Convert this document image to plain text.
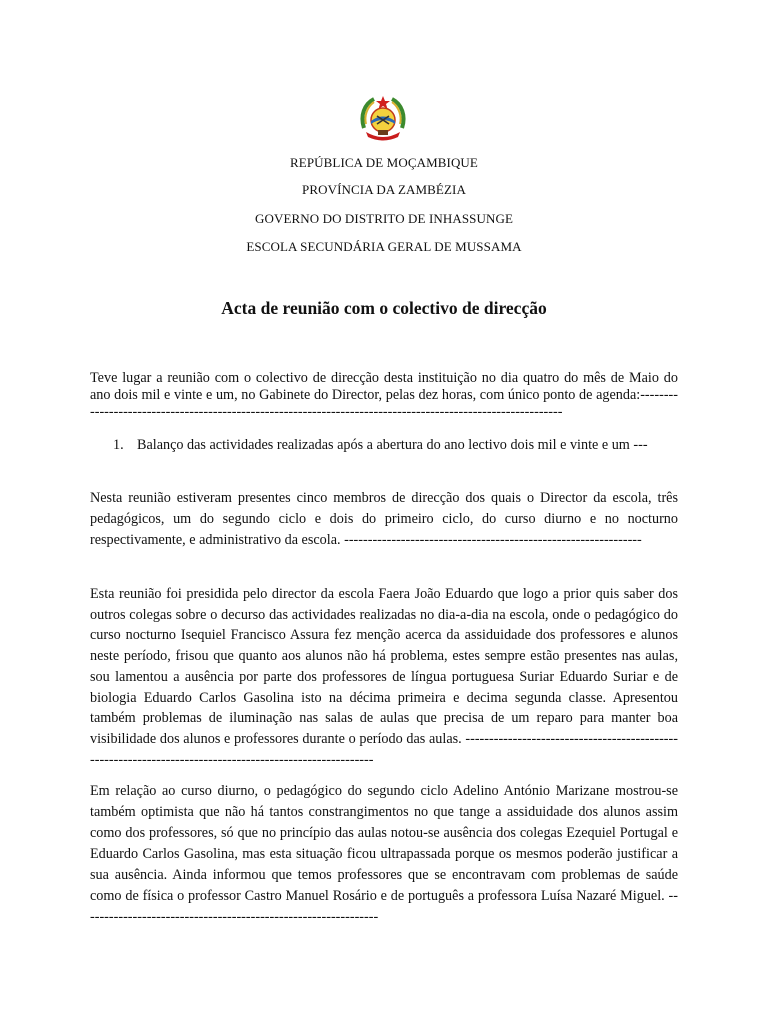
REPÚBLICA DE MOÇAMBIQUE
PROVÍNCIA DA ZAMBÉZIA
GOVERNO DO DISTRITO DE INHASSUNGE
ESCOLA SECUNDÁRIA GERAL DE MUSSAMA
Acta de reunião com o colectivo de direcção
Teve lugar a reunião com o colectivo de direcção desta instituição no dia quatro do mês de Maio do ano dois mil e vinte e um, no Gabinete do Director, pelas dez horas, com único ponto de agenda:------------------------------------------------------------------------------------------------------------
1. Balanço das actividades realizadas após a abertura do ano lectivo dois mil e vinte e um ---
Nesta reunião estiveram presentes cinco membros de direcção dos quais o Director da escola, três pedagógicos, um do segundo ciclo e dois do primeiro ciclo, do curso diurno e no nocturno respectivamente, e administrativo da escola. ---------------------------------------------------------------
Esta reunião foi presidida pelo director da escola Faera João Eduardo que logo a prior quis saber dos outros colegas sobre o decurso das actividades realizadas no dia-a-dia na escola, onde o pedagógico do curso nocturno Isequiel Francisco Assura fez menção acerca da assiduidade dos professores e alunos neste período, frisou que quanto aos alunos não há problema, estes sempre estão presentes nas aulas, sou lamentou a ausência por parte dos professores de língua portuguesa Suriar Eduardo Suriar e de biologia Eduardo Carlos Gasolina isto na décima primeira e decima segunda classe. Apresentou também problemas de iluminação nas salas de aulas que precisa de um reparo para manter boa visibilidade dos alunos e professores durante o período das aulas. ---------------------------------------------------------------------------------------------------------
Em relação ao curso diurno, o pedagógico do segundo ciclo Adelino António Marizane mostrou-se também optimista que não há tantos constrangimentos no que tange a assiduidade dos alunos assim como dos professores, só que no princípio das aulas notou-se ausência dos colegas Ezequiel Portugal e Eduardo Carlos Gasolina, mas esta situação ficou ultrapassada porque os mesmos poderão justificar a sua ausência. Ainda informou que temos professores que se encontravam com problemas de saúde como de física o professor Castro Manuel Rosário e de português a professora Luísa Nazaré Miguel. ---------------------------------------------------------------
